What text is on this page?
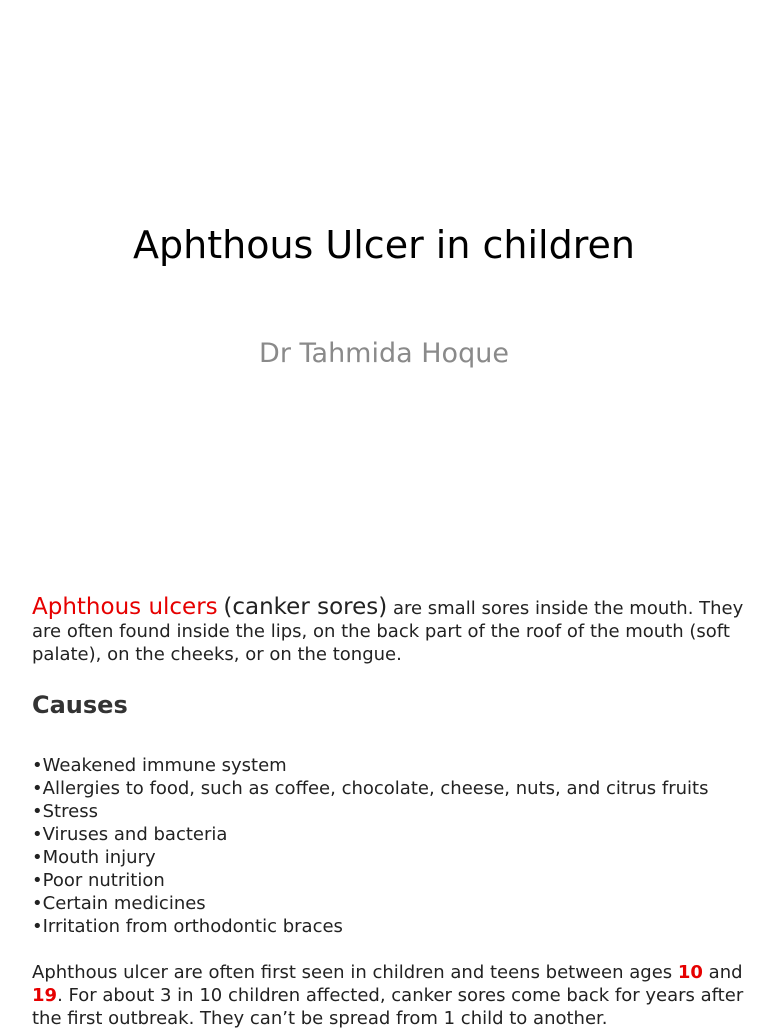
Aphthous Ulcer in children
Dr Tahmida Hoque

Aphthous ulcers (canker sores) are small sores inside the mouth. They are often found inside the lips, on the back part of the roof of the mouth (soft palate), on the cheeks, or on the tongue.

Causes
• Weakened immune system
• Allergies to food, such as coffee, chocolate, cheese, nuts, and citrus fruits
• Stress
• Viruses and bacteria
• Mouth injury
• Poor nutrition
• Certain medicines
• Irritation from orthodontic braces

Aphthous ulcer are often first seen in children and teens between ages 10 and 19. For about 3 in 10 children affected, canker sores come back for years after the first outbreak. They can’t be spread from 1 child to another.
